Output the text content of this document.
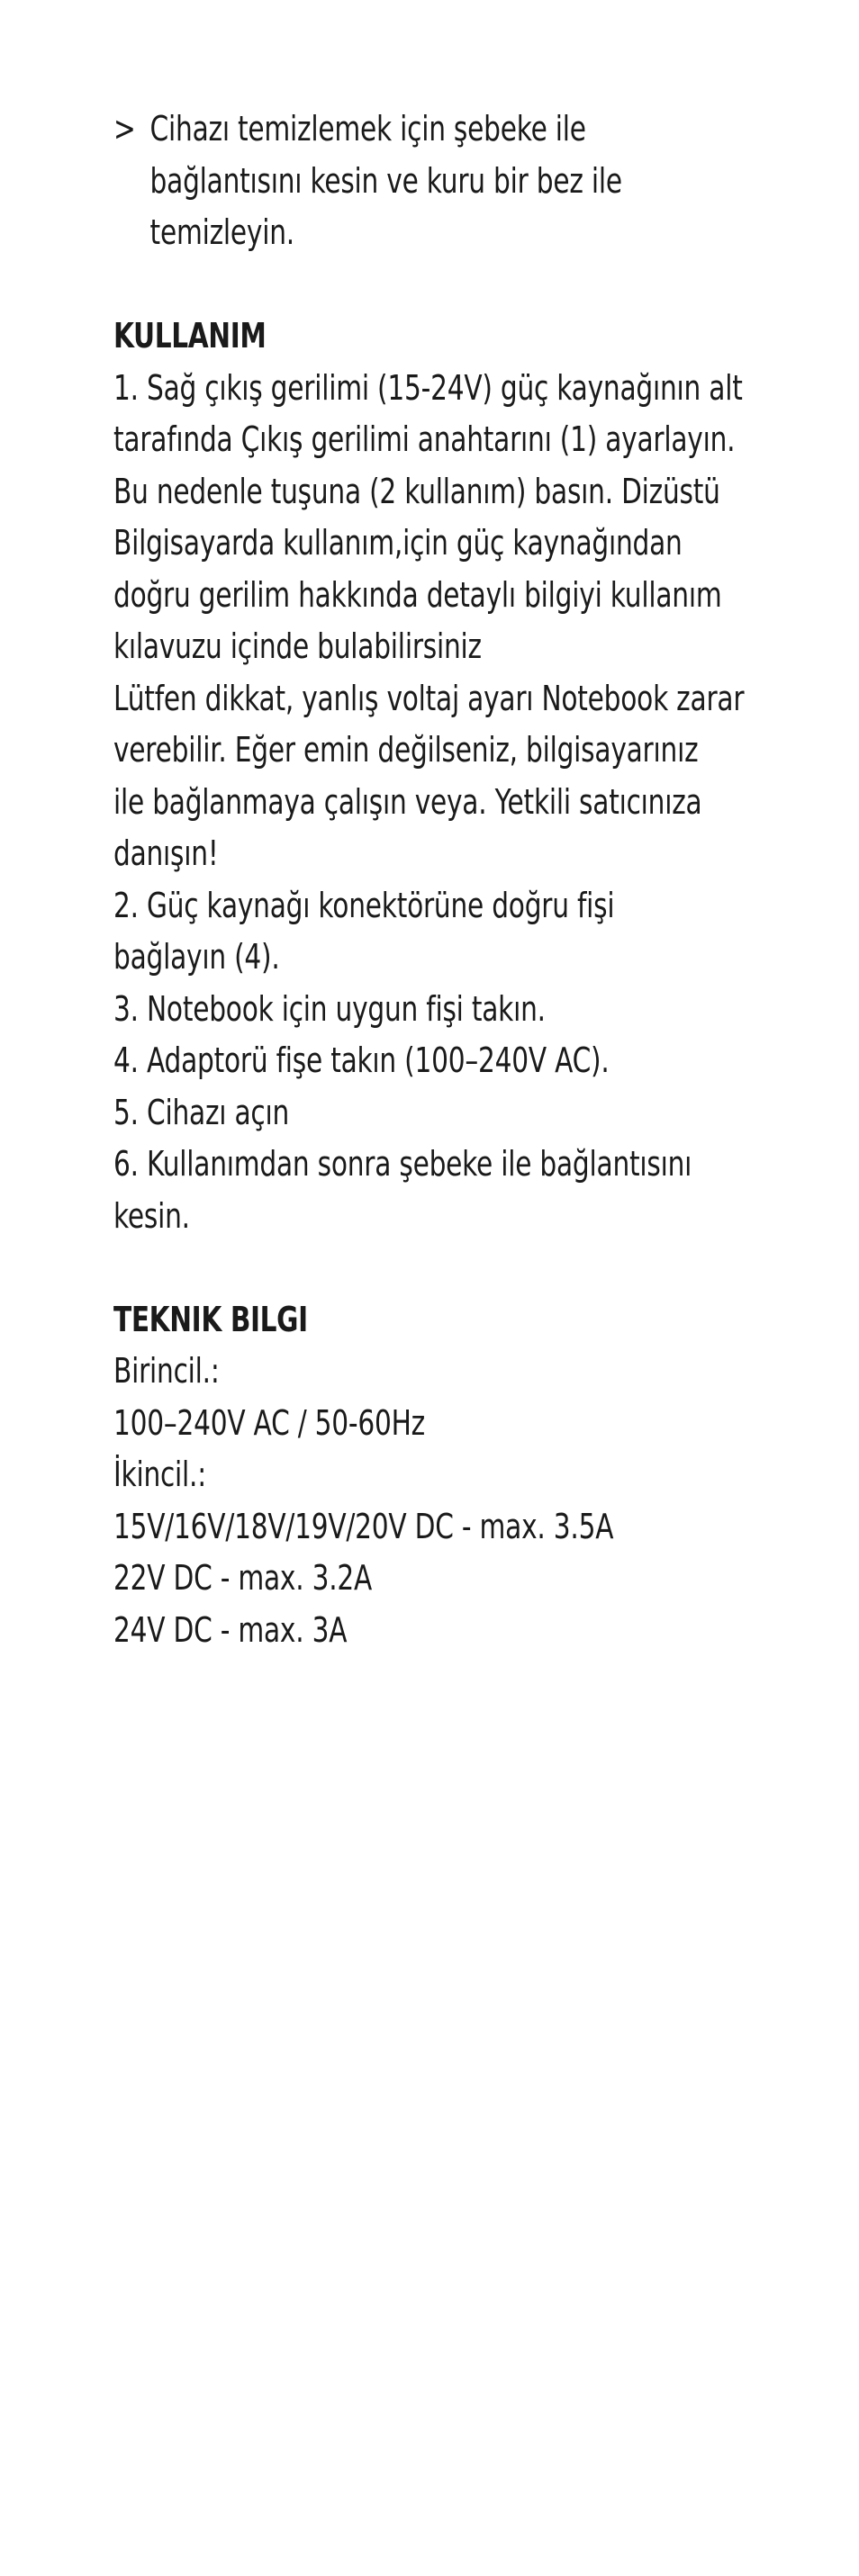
> Cihazı temizlemek için şebeke ile
bağlantısını kesin ve kuru bir bez ile
temizleyin.
KULLANIM
1. Sağ çıkış gerilimi (15-24V) güç kaynağının alt
tarafında Çıkış gerilimi anahtarını (1) ayarlayın.
Bu nedenle tuşuna (2 kullanım) basın. Dizüstü
Bilgisayarda kullanım,için güç kaynağından
doğru gerilim hakkında detaylı bilgiyi kullanım
kılavuzu içinde bulabilirsiniz
Lütfen dikkat, yanlış voltaj ayarı Notebook zarar
verebilir. Eğer emin değilseniz, bilgisayarınız
ile bağlanmaya çalışın veya. Yetkili satıcınıza
danışın!
2. Güç kaynağı konektörüne doğru fişi
bağlayın (4).
3. Notebook için uygun fişi takın.
4. Adaptorü fişe takın (100–240V AC).
5. Cihazı açın
6. Kullanımdan sonra şebeke ile bağlantısını
kesin.
TEKNIK BILGI
Birincil.:
100–240V AC / 50-60Hz
İkincil.:
15V/16V/18V/19V/20V DC - max. 3.5A
22V DC - max. 3.2A
24V DC - max. 3A
